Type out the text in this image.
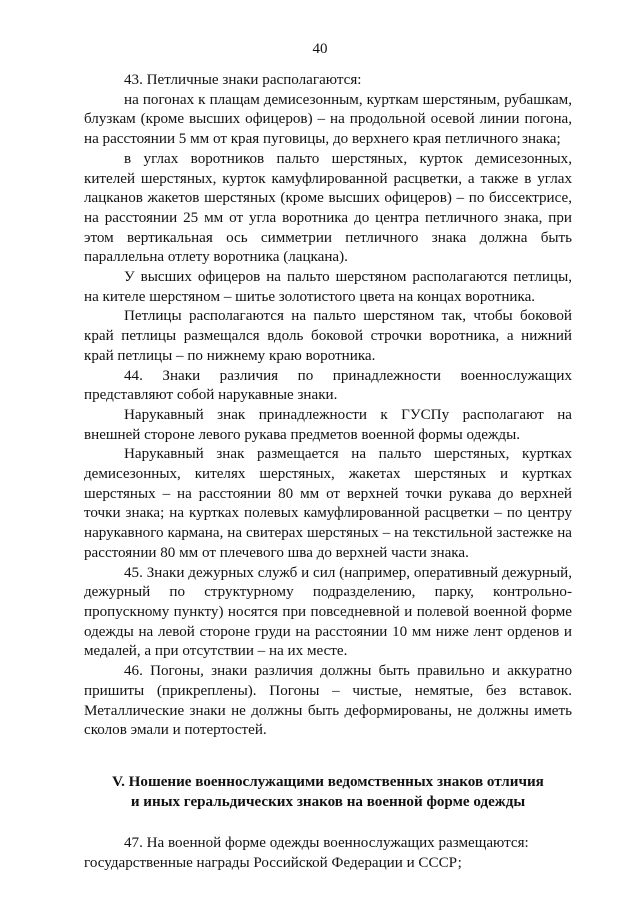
40

43. Петличные знаки располагаются:

на погонах к плащам демисезонным, курткам шерстяным, рубашкам, блузкам (кроме высших офицеров) – на продольной осевой линии погона, на расстоянии 5 мм от края пуговицы, до верхнего края петличного знака;

в углах воротников пальто шерстяных, курток демисезонных, кителей шерстяных, курток камуфлированной расцветки, а также в углах лацканов жакетов шерстяных (кроме высших офицеров) – по биссектрисе, на расстоянии 25 мм от угла воротника до центра петличного знака, при этом вертикальная ось симметрии петличного знака должна быть параллельна отлету воротника (лацкана).

У высших офицеров на пальто шерстяном располагаются петлицы, на кителе шерстяном – шитье золотистого цвета на концах воротника.

Петлицы располагаются на пальто шерстяном так, чтобы боковой край петлицы размещался вдоль боковой строчки воротника, а нижний край петлицы – по нижнему краю воротника.

44. Знаки различия по принадлежности военнослужащих представляют собой нарукавные знаки.

Нарукавный знак принадлежности к ГУСПу располагают на внешней стороне левого рукава предметов военной формы одежды.

Нарукавный знак размещается на пальто шерстяных, куртках демисезонных, кителях шерстяных, жакетах шерстяных и куртках шерстяных – на расстоянии 80 мм от верхней точки рукава до верхней точки знака; на куртках полевых камуфлированной расцветки – по центру нарукавного кармана, на свитерах шерстяных – на текстильной застежке на расстоянии 80 мм от плечевого шва до верхней части знака.

45. Знаки дежурных служб и сил (например, оперативный дежурный, дежурный по структурному подразделению, парку, контрольно-пропускному пункту) носятся при повседневной и полевой военной форме одежды на левой стороне груди на расстоянии 10 мм ниже лент орденов и медалей, а при отсутствии – на их месте.

46. Погоны, знаки различия должны быть правильно и аккуратно пришиты (прикреплены). Погоны – чистые, немятые, без вставок. Металлические знаки не должны быть деформированы, не должны иметь сколов эмали и потертостей.

V. Ношение военнослужащими ведомственных знаков отличия
и иных геральдических знаков на военной форме одежды

47. На военной форме одежды военнослужащих размещаются:

государственные награды Российской Федерации и СССР;
